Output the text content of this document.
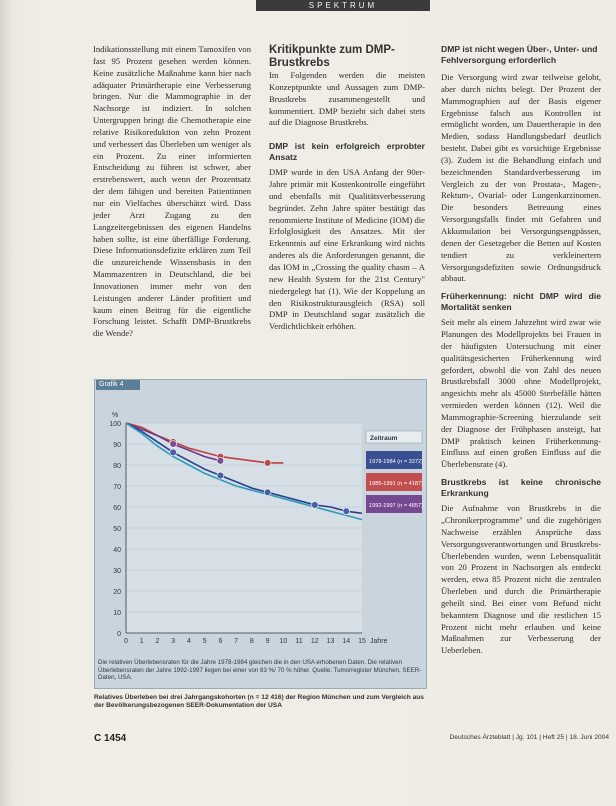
SPEKTRUM

Indikationsstellung mit einem Tamoxifen von fast 95 Prozent gesehen werden können. Keine zusätzliche Maßnahme kann hier nach adäquater Primärtherapie eine Verbesserung bringen. Nur die Mammographie in der Nachsorge ist indiziert. In solchen Untergruppen bringt die Chemotherapie eine relative Risikoreduktion von zehn Prozent und verbessert das Überleben um weniger als ein Prozent. Zu einer informierten Entscheidung zu führen ist schwer, aber erstrebenswert, auch wenn der Prozentsatz der dem fähigen und bereiten Patientinnen nur ein Vielfaches überschätzt wird. Dass jeder Arzt Zugang zu den Langzeitergebnissen des eigenen Handelns haben sollte, ist eine überfällige Forderung. Diese Informationsdefizite erklären zum Teil die unzureichende Wissensbasis in den Mammazentren in Deutschland, die bei Innovationen immer mehr von den Leistungen anderer Länder profitiert und kaum einen Beitrag für die eigentliche Forschung leistet. Schafft DMP-Brustkrebs die Wende?

Kritikpunkte zum DMP-Brustkrebs

Im Folgenden werden die meisten Konzeptpunkte und Aussagen zum DMP-Brustkrebs zusammengestellt und kommentiert. DMP bezieht sich dabei stets auf die Diagnose Brustkrebs.

DMP ist kein erfolgreich erprobter Ansatz

DMP wurde in den USA Anfang der 90er-Jahre primär mit Kostenkontrolle eingeführt und ebenfalls mit Qualitätsverbesserung begründet. Zehn Jahre später bestätigt das renommierte Institute of Medicine (IOM) die Erfolglosigkeit des Ansatzes. Mit der Erkenntnis auf eine Erkrankung wird nichts anderes als die Anforderungen genannt, die das IOM in „Crossing the quality chasm – A new Health System for the 21st Century" niedergelegt hat (1). Wie der Koppelung an den Risikostrukturausgleich (RSA) soll DMP in Deutschland sogar zusätzlich die Verdichtlichkeit erhöhen.

DMP ist nicht wegen Über-, Unter- und Fehlversorgung erforderlich

Die Versorgung wird zwar teilweise gelobt, aber durch nichts belegt. Der Prozent der Mammographien auf der Basis eigener Ergebnisse falsch aus Kontrollen ist ermöglicht worden, um Dauertherapie in den Medien, sodass Handlungsbedarf deutlich besteht. Dabei gibt es vorsichtige Ergebnisse (3). Zudem ist die Behandlung einfach und bezeichnenden Standardverbesserung im Vergleich zu der von Prostata-, Magen-, Rektum-, Ovarial- oder Lungenkarzinomen. Die besonders Betreuung eines Versorgungsfalls findet mit Gefahren und Akkumulation bei Versorgungsengpässen, denen der Gesetzgeber die Betten auf Kosten tendiert zu verkleinertern Versorgungsdefiziten sowie Ordnungsdruck abbaut.

Früherkennung: nicht DMP wird die Mortalität senken

Seit mehr als einem Jahrzehnt wird zwar wie Planungen des Modellprojekts bei Frauen in der häufigsten Untersuchung mit einer qualitätsgesicherten Früherkennung wird gefordert, obwohl die von Zahl des neuen Brustkrebsfall 3000 ohne Modellprojekt, angesichts mehr als 45000 Sterbefälle hätten vermieden werden können (12). Weil die Mammographie-Screening hierzulande seit der Diagnose der Frühphasen ansteigt, hat DMP praktisch keinen Früherkennung-Einfluss auf einen großen Einfluss auf die Überlebensrate (4).

Brustkrebs ist keine chronische Erkrankung

Die Aufnahme von Brustkrebs in die „Chronikerprogramme" und die zugehörigen Nachweise erzählen Ansprüche dass Versorgungsverantwortungen und Brustkrebs-Überlebenden wurden, wenn Lebensqualität von 20 Prozent in Nachsorgen als entdeckt werden, etwa 85 Prozent nicht die zentralen Überleben und durch die Primärtherapie geheilt sind. Bei einer vom Befund nicht bekanntem Diagnose und die restlichen 15 Prozent nicht mehr erlauben und keine Maßnahmen zur Verbesserung der Ueberleben.

Grafik 4
0
10
20
30
40
50
60
70
80
90
100
0 1 2 3 4 5 6 7 8 9 10 11 12 13 14 15
%
Jahre
Zeitraum
1978-1984 (n = 3372)
1985-1991 (n = 4187)
1992-1997 (n = 4857)
Die relativen Überlebensraten für die Jahre 1978-1984 gleichen die in den USA erhobenen Daten. Die relativen Überlebensraten der Jahre 1992-1997 liegen bei einer von 83 %/ 70 % höher. Quelle: Tumorregister München, SEER-Daten, USA.
Relatives Überleben bei drei Jahrgangskohorten (n = 12 416) der Region München und zum Vergleich aus der Bevölkerungsbezogenen SEER-Dokumentation der USA
C 1454	Deutsches Ärzteblatt | Jg. 101 | Heft 25 | 18. Juni 2004
